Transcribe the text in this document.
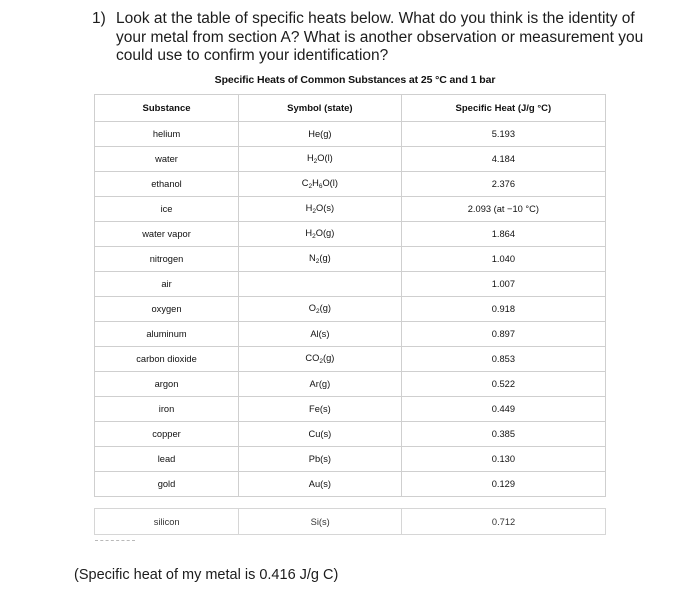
1) Look at the table of specific heats below. What do you think is the identity of your metal from section A? What is another observation or measurement you could use to confirm your identification?
Specific Heats of Common Substances at 25 °C and 1 bar
Substance	Symbol (state)	Specific Heat (J/g °C)
helium	He(g)	5.193
water	$H_2O(l)$	4.184
ethanol	$C_2H_6O(l)$	2.376
ice	$H_2O(s)$	2.093 (at −10 °C)
water vapor	$H_2O(g)$	1.864
nitrogen	$N_2(g)$	1.040
air		1.007
oxygen	$O_2(g)$	0.918
aluminum	Al(s)	0.897
carbon dioxide	$CO_2(g)$	0.853
argon	Ar(g)	0.522
iron	Fe(s)	0.449
copper	Cu(s)	0.385
lead	Pb(s)	0.130
gold	Au(s)	0.129
silicon	Si(s)	0.712
(Specific heat of my metal is 0.416 J/g C)
